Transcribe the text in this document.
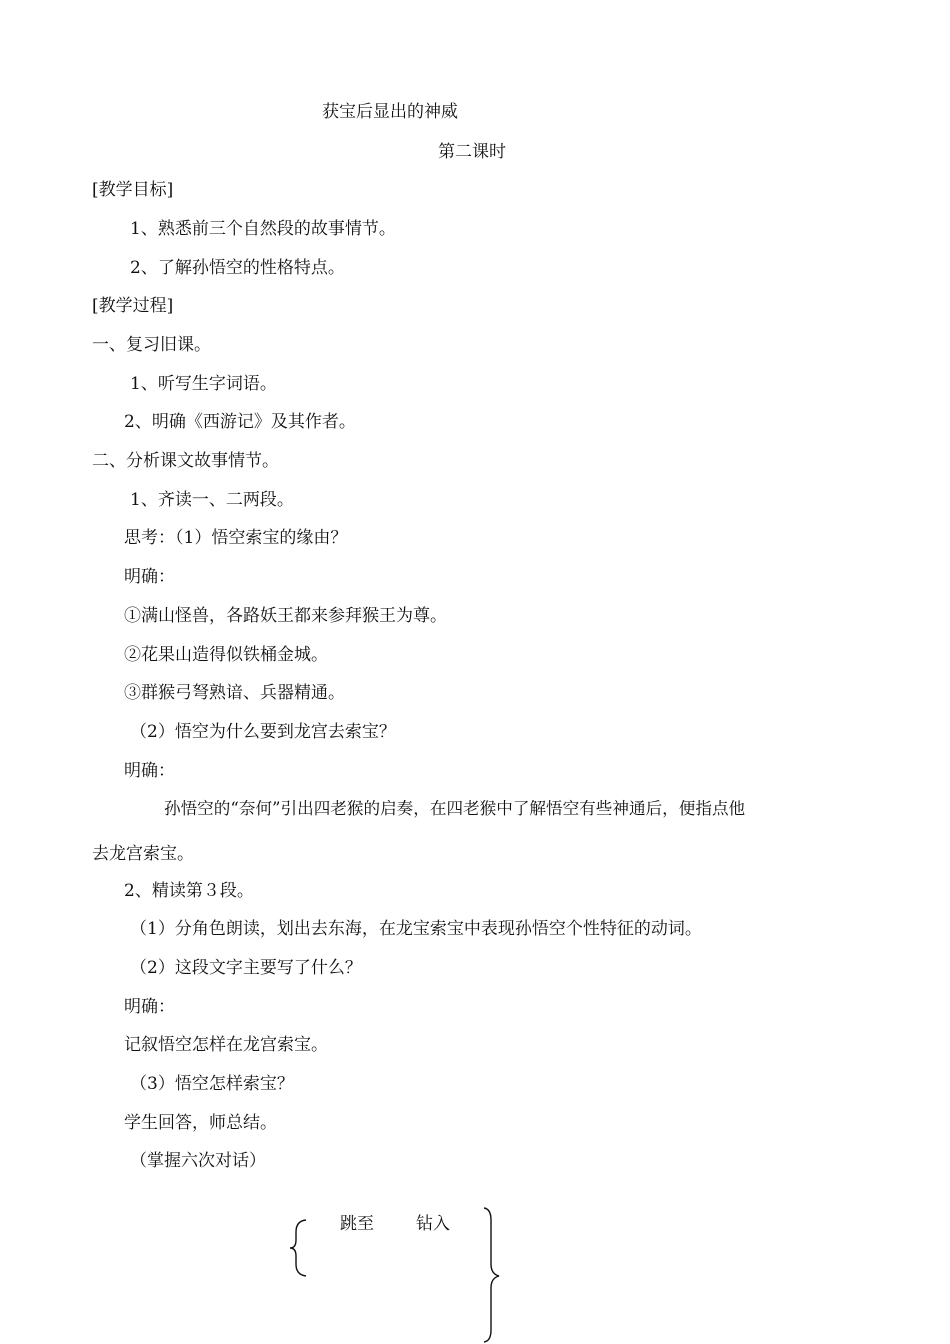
获宝后显出的神威
第二课时
[教学目标]
1、熟悉前三个自然段的故事情节。
2、了解孙悟空的性格特点。
[教学过程]
一、复习旧课。
1、听写生字词语。
2、明确《西游记》及其作者。
二、分析课文故事情节。
1、齐读一、二两段。
思考：（1）悟空索宝的缘由？
明确：
①满山怪兽，各路妖王都来参拜猴王为尊。
②花果山造得似铁桶金城。
③群猴弓弩熟谙、兵器精通。
（2）悟空为什么要到龙宫去索宝？
明确：
孙悟空的“奈何”引出四老猴的启奏，在四老猴中了解悟空有些神通后，便指点他
去龙宫索宝。
2、精读第３段。
（1）分角色朗读，划出去东海，在龙宝索宝中表现孙悟空个性特征的动词。
（2）这段文字主要写了什么？
明确：
记叙悟空怎样在龙宫索宝。
（3）悟空怎样索宝？
学生回答，师总结。
（掌握六次对话）
跳至 钻入
